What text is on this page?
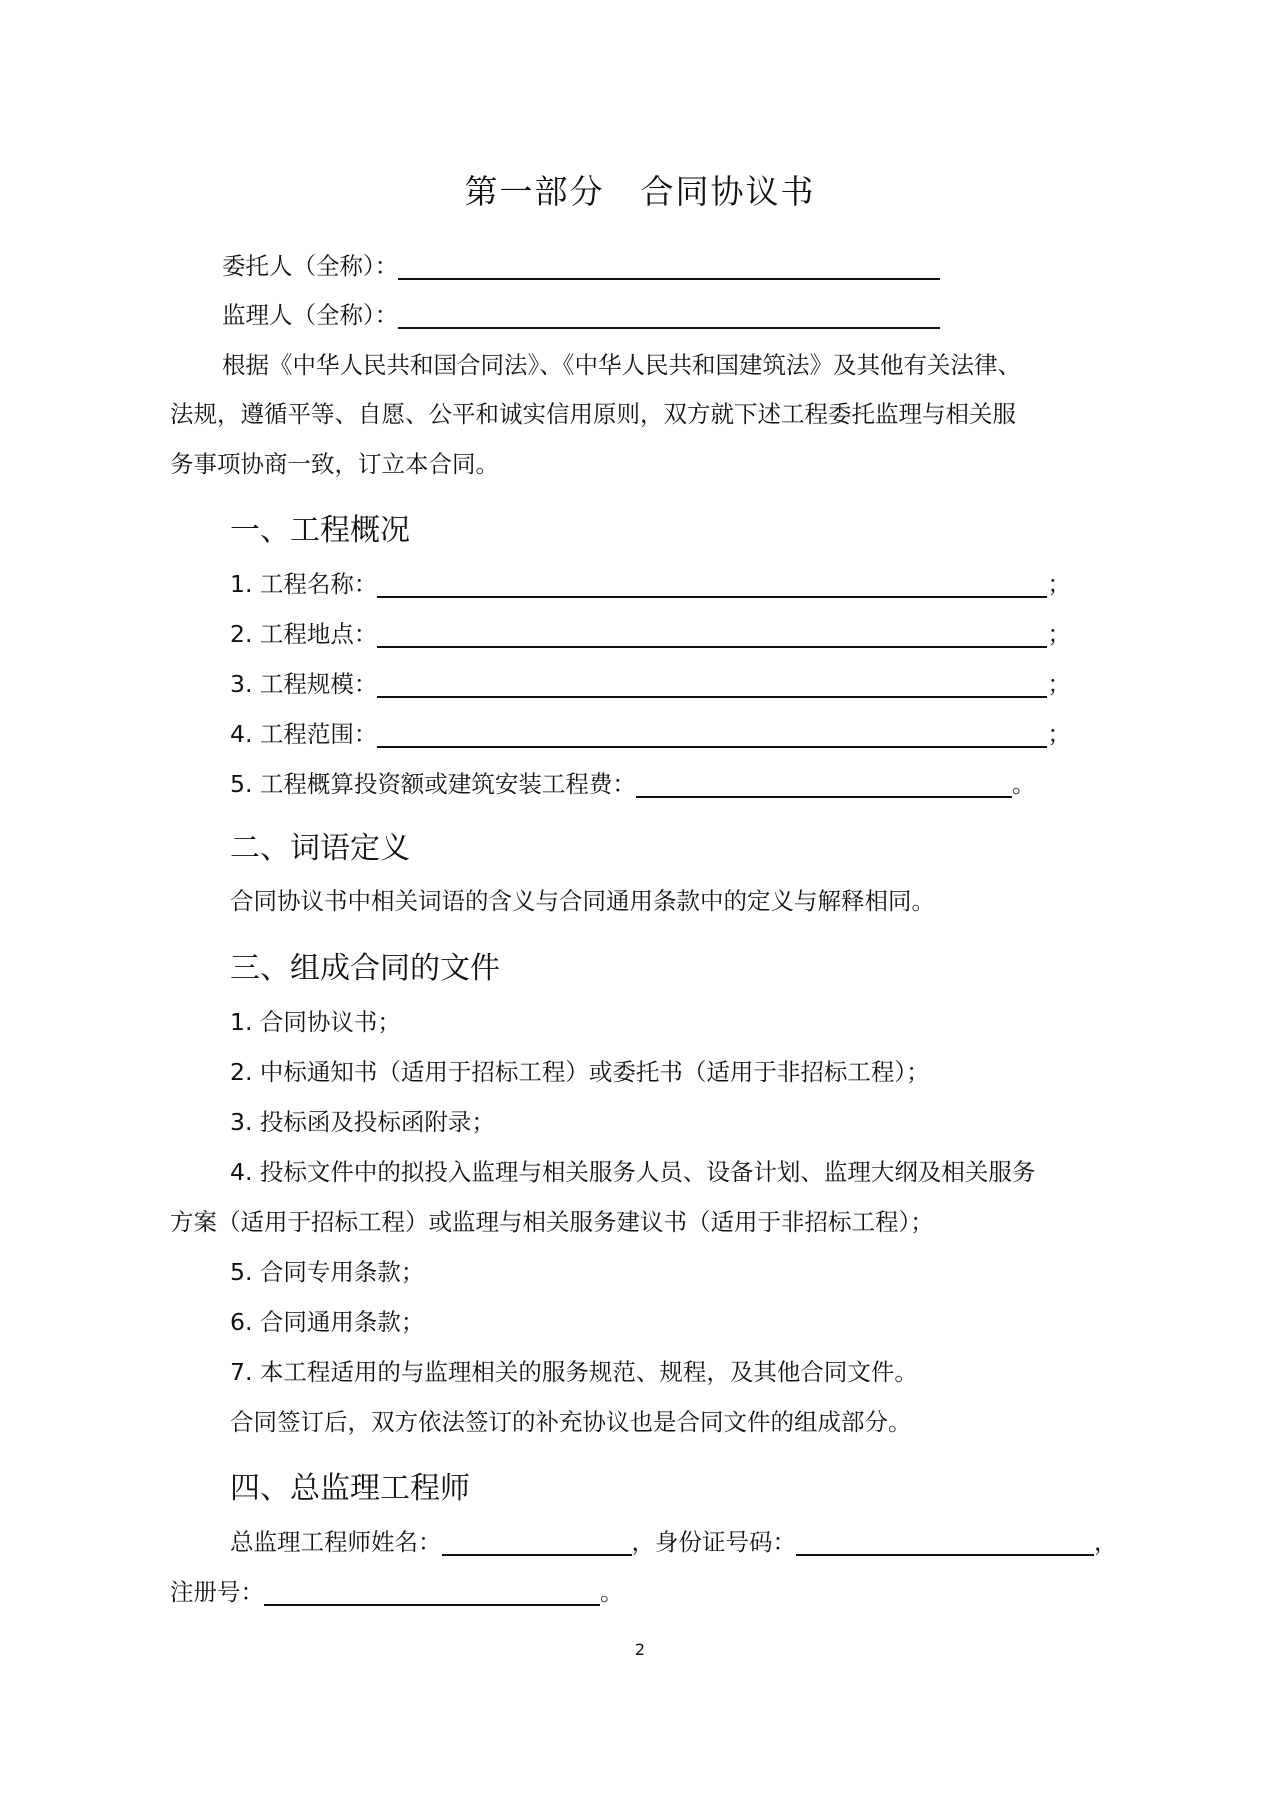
第一部分 合同协议书
委托人（全称）：
监理人（全称）：
根据《中华人民共和国合同法》、《中华人民共和国建筑法》及其他有关法律、
法规，遵循平等、自愿、公平和诚实信用原则，双方就下述工程委托监理与相关服
务事项协商一致，订立本合同。
一、工程概况
1. 工程名称：	；
2. 工程地点：	；
3. 工程规模：	；
4. 工程范围：	；
5. 工程概算投资额或建筑安装工程费：	。
二、词语定义
合同协议书中相关词语的含义与合同通用条款中的定义与解释相同。
三、组成合同的文件
1. 合同协议书；
2. 中标通知书（适用于招标工程）或委托书（适用于非招标工程）；
3. 投标函及投标函附录；
4. 投标文件中的拟投入监理与相关服务人员、设备计划、监理大纲及相关服务
方案（适用于招标工程）或监理与相关服务建议书（适用于非招标工程）；
5. 合同专用条款；
6. 合同通用条款；
7. 本工程适用的与监理相关的服务规范、规程，及其他合同文件。
合同签订后，双方依法签订的补充协议也是合同文件的组成部分。
四、总监理工程师
总监理工程师姓名：	，身份证号码：	，
注册号：	。
2
